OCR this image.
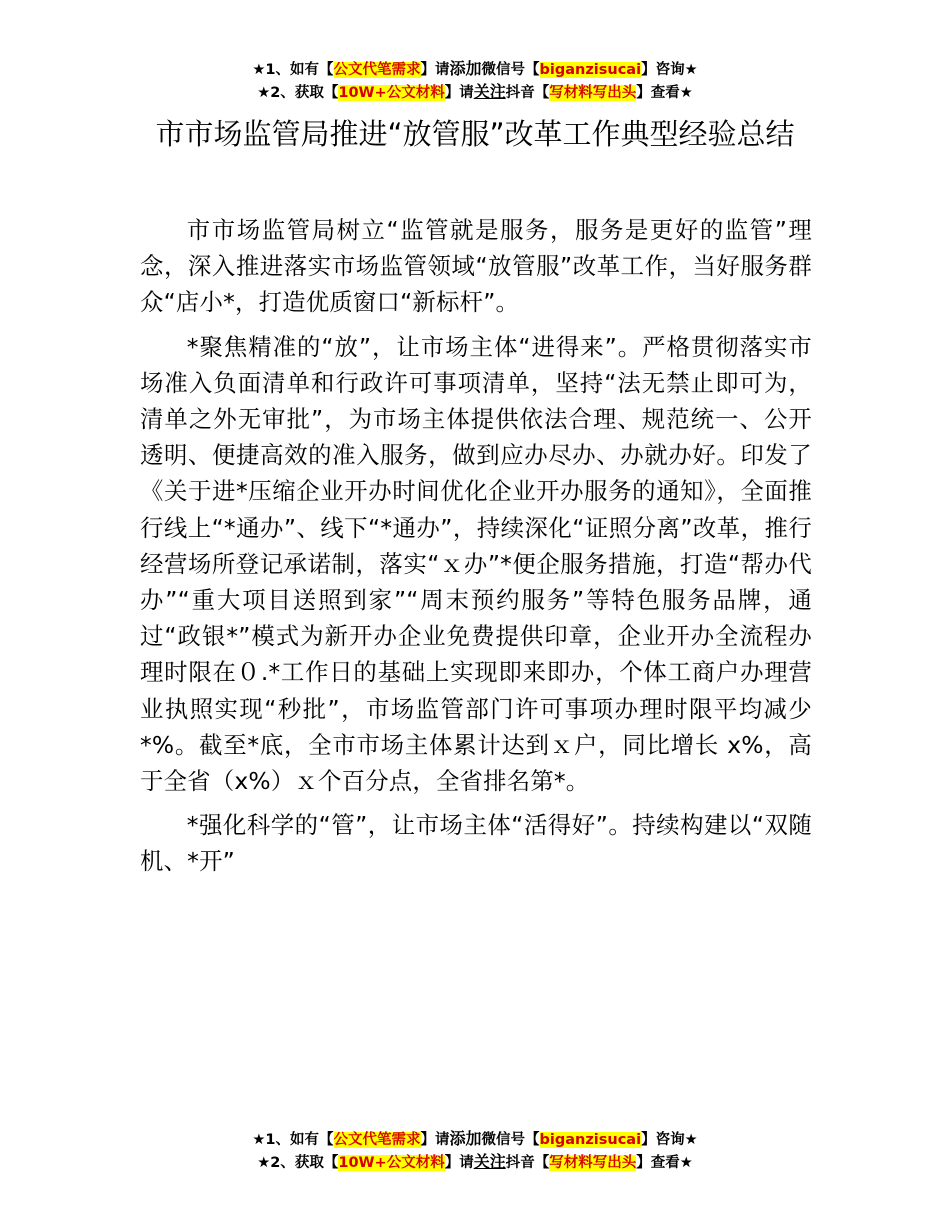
★1、如有【公文代笔需求】请添加微信号【biganzisucai】咨询★
★2、获取【10W+公文材料】请关注抖音【写材料写出头】查看★
市市场监管局推进“放管服”改革工作典型经验总结

市市场监管局树立“监管就是服务，服务是更好的监管”理念，深入推进落实市场监管领域“放管服”改革工作，当好服务群众“店小*，打造优质窗口“新标杆”。

*聚焦精准的“放”，让市场主体“进得来”。严格贯彻落实市场准入负面清单和行政许可事项清单，坚持“法无禁止即可为，清单之外无审批”，为市场主体提供依法合理、规范统一、公开透明、便捷高效的准入服务，做到应办尽办、办就办好。印发了《关于进*压缩企业开办时间优化企业开办服务的通知》，全面推行线上“*通办”、线下“*通办”，持续深化“证照分离”改革，推行经营场所登记承诺制，落实“ｘ办”*便企服务措施，打造“帮办代办”“重大项目送照到家”“周末预约服务”等特色服务品牌，通过“政银*”模式为新开办企业免费提供印章，企业开办全流程办理时限在０.*工作日的基础上实现即来即办，个体工商户办理营业执照实现“秒批”，市场监管部门许可事项办理时限平均减少*%。截至*底，全市市场主体累计达到ｘ户，同比增长 x%，高于全省（x%）ｘ个百分点，全省排名第*。

*强化科学的“管”，让市场主体“活得好”。持续构建以“双随机、*开”

★1、如有【公文代笔需求】请添加微信号【biganzisucai】咨询★
★2、获取【10W+公文材料】请关注抖音【写材料写出头】查看★
